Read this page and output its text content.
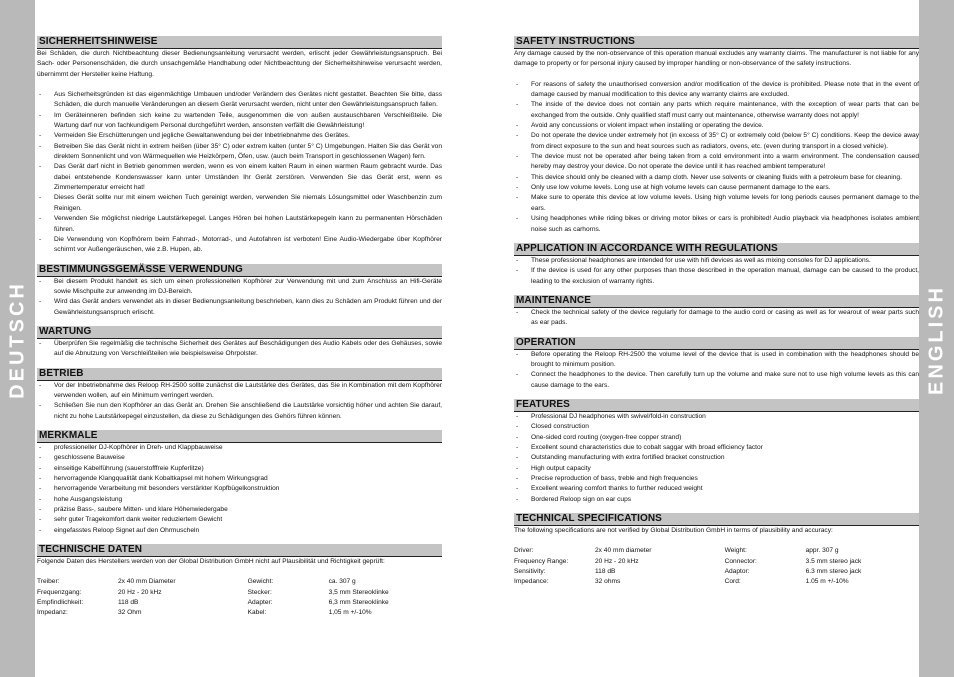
DEUTSCH	ENGLISH
SICHERHEITSHINWEISE

Bei Schäden, die durch Nichtbeachtung dieser Bedienungsanleitung verursacht werden, erlischt jeder Gewährleistungsanspruch. Bei Sach- oder Personenschäden, die durch unsachgemäße Handhabung oder Nichtbeachtung der Sicherheitshinweise verursacht werden, übernimmt der Hersteller keine Haftung.

- Aus Sicherheitsgründen ist das eigenmächtige Umbauen und/oder Verändern des Gerätes nicht gestattet. Beachten Sie bitte, dass Schäden, die durch manuelle Veränderungen an diesem Gerät verursacht werden, nicht unter den Gewährleistungsanspruch fallen.
- Im Geräteinneren befinden sich keine zu wartenden Teile, ausgenommen die von außen austauschbaren Verschleißteile. Die Wartung darf nur von fachkundigem Personal durchgeführt werden, ansonsten verfällt die Gewährleistung!
- Vermeiden Sie Erschütterungen und jegliche Gewaltanwendung bei der Inbetriebnahme des Gerätes.
- Betreiben Sie das Gerät nicht in extrem heißen (über 35° C) oder extrem kalten (unter 5° C) Umgebungen. Halten Sie das Gerät von direktem Sonnenlicht und von Wärmequellen wie Heizkörpern, Öfen, usw. (auch beim Transport in geschlossenen Wagen) fern.
- Das Gerät darf nicht in Betrieb genommen werden, wenn es von einem kalten Raum in einen warmen Raum gebracht wurde. Das dabei entstehende Kondenswasser kann unter Umständen Ihr Gerät zerstören. Verwenden Sie das Gerät erst, wenn es Zimmertemperatur erreicht hat!
- Dieses Gerät sollte nur mit einem weichen Tuch gereinigt werden, verwenden Sie niemals Lösungsmittel oder Waschbenzin zum Reinigen.
- Verwenden Sie möglichst niedrige Lautstärkepegel. Langes Hören bei hohen Lautstärkepegeln kann zu permanenten Hörschäden führen.
- Die Verwendung von Kopfhörern beim Fahrrad-, Motorrad-, und Autofahren ist verboten! Eine Audio-Wiedergabe über Kopfhörer schirmt vor Außengeräuschen, wie z.B. Hupen, ab.
BESTIMMUNGSGEMÄSSE VERWENDUNG
- Bei diesem Produkt handelt es sich um einen professionellen Kopfhörer zur Verwendung mit und zum Anschluss an Hifi-Geräte sowie Mischpulte zur anwendng im DJ-Bereich.
- Wird das Gerät anders verwendet als in dieser Bedienungsanleitung beschrieben, kann dies zu Schäden am Produkt führen und der Gewährleistungsanspruch erlischt.
WARTUNG
- Überprüfen Sie regelmäßig die technische Sicherheit des Gerätes auf Beschädigungen des Audio Kabels oder des Gehäuses, sowie auf die Abnutzung von Verschleißteilen wie beispielsweise Ohrpolster.
BETRIEB
- Vor der Inbetriebnahme des Reloop RH-2500 sollte zunächst die Lautstärke des Gerätes, das Sie in Kombination mit dem Kopfhörer verwenden wollen, auf ein Minimum verringert werden.
- Schließen Sie nun den Kopfhörer an das Gerät an. Drehen Sie anschließend die Lautstärke vorsichtig höher und achten Sie darauf, nicht zu hohe Lautstärkepegel einzustellen, da diese zu Schädigungen des Gehörs führen können.
MERKMALE
- professioneller DJ-Kopfhörer in Dreh- und Klappbauweise
- geschlossene Bauweise
- einseitige Kabelführung (sauerstofffreie Kupferlitze)
- hervorragende Klangqualität dank Kobaltkapsel mit hohem Wirkungsgrad
- hervorragende Verarbeitung mit besonders verstärkter Kopfbügelkonstruktion
- hohe Ausgangsleistung
- präzise Bass-, saubere Mitten- und klare Höhenwiedergabe
- sehr guter Tragekomfort dank weiter reduziertem Gewicht
- eingefasstes Reloop Signet auf den Ohrmuscheln
TECHNISCHE DATEN

Folgende Daten des Herstellers werden von der Global Distribution GmbH nicht auf Plausibilität und Richtigkeit geprüft:

Treiber:	2x 40 mm Diameter	Gewicht:	ca. 307 g
Frequenzgang:	20 Hz - 20 kHz	Stecker:	3,5 mm Stereoklinke
Empfindlichkeit:	118 dB	Adapter:	6,3 mm Stereoklinke
Impedanz:	32 Ohm	Kabel:	1,05 m +/-10%
SAFETY INSTRUCTIONS

Any damage caused by the non-observance of this operation manual excludes any warranty claims. The manufacturer is not liable for any damage to property or for personal injury caused by improper handling or non-observance of the safety instructions.

- For reasons of safety the unauthorised conversion and/or modification of the device is prohibited. Please note that in the event of damage caused by manual modification to this device any warranty claims are excluded.
- The inside of the device does not contain any parts which require maintenance, with the exception of wear parts that can be exchanged from the outside. Only qualified staff must carry out maintenance, otherwise warranty does not apply!
- Avoid any concussions or violent impact when installing or operating the device.
- Do not operate the device under extremely hot (in excess of 35° C) or extremely cold (below 5° C) conditions. Keep the device away from direct exposure to the sun and heat sources such as radiators, ovens, etc. (even during transport in a closed vehicle).
- The device must not be operated after being taken from a cold environment into a warm environment. The condensation caused hereby may destroy your device. Do not operate the device until it has reached ambient temperature!
- This device should only be cleaned with a damp cloth. Never use solvents or cleaning fluids with a petroleum base for cleaning.
- Only use low volume levels. Long use at high volume levels can cause permanent damage to the ears.
- Make sure to operate this device at low volume levels. Using high volume levels for long periods causes permanent damage to the ears.
- Using headphones while riding bikes or driving motor bikes or cars is prohibited! Audio playback via headphones isolates ambient noise such as carhorns.
APPLICATION IN ACCORDANCE WITH REGULATIONS
- These professional headphones are intended for use with hifi devices as well as mixing consoles for DJ applications.
- If the device is used for any other purposes than those described in the operation manual, damage can be caused to the product, leading to the exclusion of warranty rights.
MAINTENANCE
- Check the technical safety of the device regularly for damage to the audio cord or casing as well as for wearout of wear parts such as ear pads.
OPERATION
- Before operating the Reloop RH-2500 the volume level of the device that is used in combination with the headphones should be brought to minimum position.
- Connect the headphones to the device. Then carefully turn up the volume and make sure not to use high volume levels as this can cause damage to the ears.
FEATURES
- Professional DJ headphones with swivel/fold-in construction
- Closed construction
- One-sided cord routing (oxygen-free copper strand)
- Excellent sound characteristics due to cobalt saggar with broad efficiency factor
- Outstanding manufacturing with extra fortified bracket construction
- High output capacity
- Precise reproduction of bass, treble and high frequencies
- Excellent wearing comfort thanks to further reduced weight
- Bordered Reloop sign on ear cups
TECHNICAL SPECIFICATIONS

The following specifications are not verified by Global Distribution GmbH in terms of plausibility and accuracy:

Driver:	2x 40 mm diameter	Weight:	appr. 307 g
Frequency Range:	20 Hz - 20 kHz	Connector:	3.5 mm stereo jack
Sensitivity:	118 dB	Adaptor:	6.3 mm stereo jack
Impedance:	32 ohms	Cord:	1.05 m +/-10%
